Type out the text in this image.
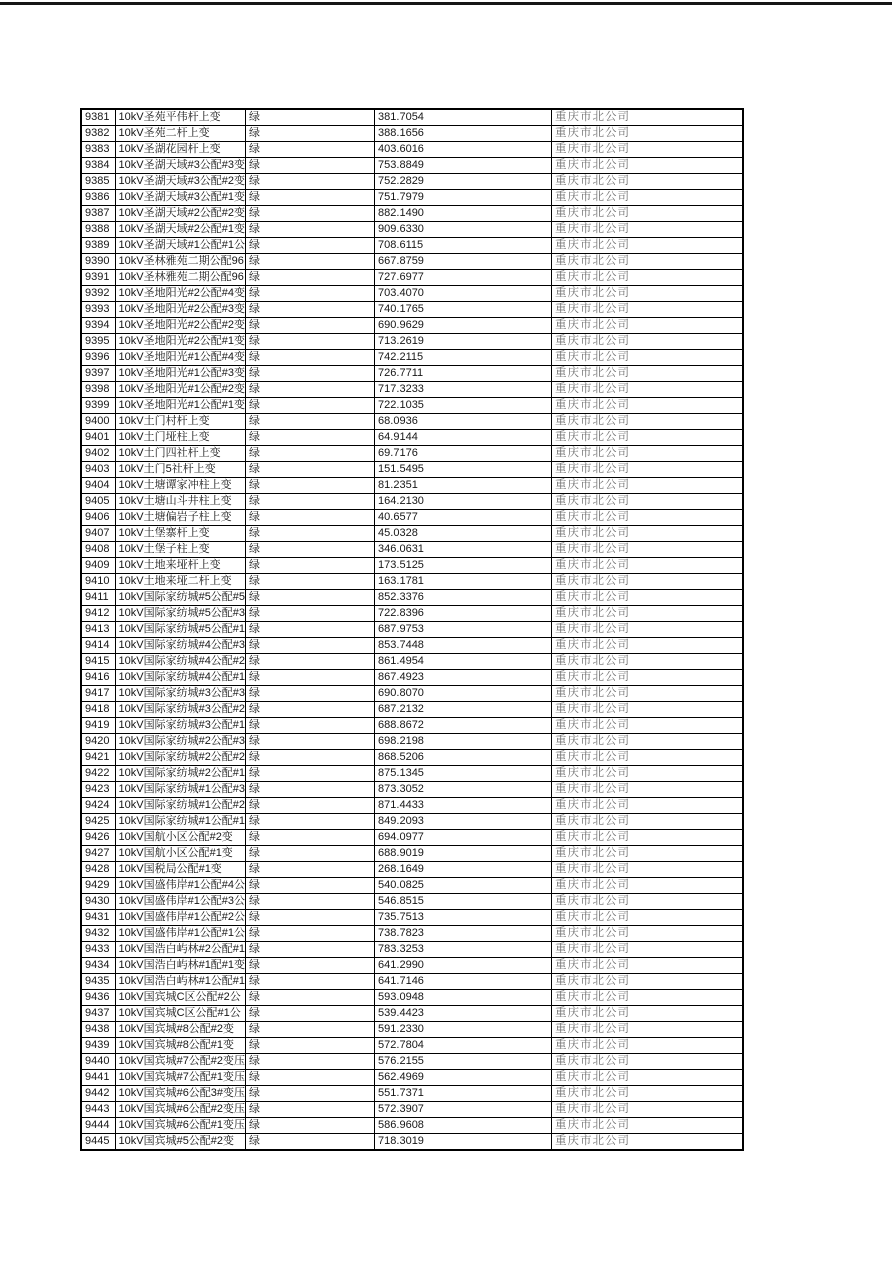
9381	10kV圣苑平伟杆上变	绿	381.7054	重庆市北公司
9382	10kV圣苑二杆上变	绿	388.1656	重庆市北公司
9383	10kV圣湖花园杆上变	绿	403.6016	重庆市北公司
9384	10kV圣湖天域#3公配#3变	绿	753.8849	重庆市北公司
9385	10kV圣湖天域#3公配#2变	绿	752.2829	重庆市北公司
9386	10kV圣湖天域#3公配#1变	绿	751.7979	重庆市北公司
9387	10kV圣湖天域#2公配#2变	绿	882.1490	重庆市北公司
9388	10kV圣湖天域#2公配#1变	绿	909.6330	重庆市北公司
9389	10kV圣湖天域#1公配#1公	绿	708.6115	重庆市北公司
9390	10kV圣林雅苑二期公配96	绿	667.8759	重庆市北公司
9391	10kV圣林雅苑二期公配96	绿	727.6977	重庆市北公司
9392	10kV圣地阳光#2公配#4变	绿	703.4070	重庆市北公司
9393	10kV圣地阳光#2公配#3变	绿	740.1765	重庆市北公司
9394	10kV圣地阳光#2公配#2变	绿	690.9629	重庆市北公司
9395	10kV圣地阳光#2公配#1变	绿	713.2619	重庆市北公司
9396	10kV圣地阳光#1公配#4变	绿	742.2115	重庆市北公司
9397	10kV圣地阳光#1公配#3变	绿	726.7711	重庆市北公司
9398	10kV圣地阳光#1公配#2变	绿	717.3233	重庆市北公司
9399	10kV圣地阳光#1公配#1变	绿	722.1035	重庆市北公司
9400	10kV土门村杆上变	绿	68.0936	重庆市北公司
9401	10kV土门垭柱上变	绿	64.9144	重庆市北公司
9402	10kV土门四社杆上变	绿	69.7176	重庆市北公司
9403	10kV土门5社杆上变	绿	151.5495	重庆市北公司
9404	10kV土塘谭家冲柱上变	绿	81.2351	重庆市北公司
9405	10kV土塘山斗井柱上变	绿	164.2130	重庆市北公司
9406	10kV土塘偏岩子柱上变	绿	40.6577	重庆市北公司
9407	10kV土堡寨杆上变	绿	45.0328	重庆市北公司
9408	10kV土堡子柱上变	绿	346.0631	重庆市北公司
9409	10kV土地来垭杆上变	绿	173.5125	重庆市北公司
9410	10kV土地来垭二杆上变	绿	163.1781	重庆市北公司
9411	10kV国际家纺城#5公配#5	绿	852.3376	重庆市北公司
9412	10kV国际家纺城#5公配#3	绿	722.8396	重庆市北公司
9413	10kV国际家纺城#5公配#1	绿	687.9753	重庆市北公司
9414	10kV国际家纺城#4公配#3	绿	853.7448	重庆市北公司
9415	10kV国际家纺城#4公配#2	绿	861.4954	重庆市北公司
9416	10kV国际家纺城#4公配#1	绿	867.4923	重庆市北公司
9417	10kV国际家纺城#3公配#3	绿	690.8070	重庆市北公司
9418	10kV国际家纺城#3公配#2	绿	687.2132	重庆市北公司
9419	10kV国际家纺城#3公配#1	绿	688.8672	重庆市北公司
9420	10kV国际家纺城#2公配#3	绿	698.2198	重庆市北公司
9421	10kV国际家纺城#2公配#2	绿	868.5206	重庆市北公司
9422	10kV国际家纺城#2公配#1	绿	875.1345	重庆市北公司
9423	10kV国际家纺城#1公配#3	绿	873.3052	重庆市北公司
9424	10kV国际家纺城#1公配#2	绿	871.4433	重庆市北公司
9425	10kV国际家纺城#1公配#1	绿	849.2093	重庆市北公司
9426	10kV国航小区公配#2变	绿	694.0977	重庆市北公司
9427	10kV国航小区公配#1变	绿	688.9019	重庆市北公司
9428	10kV国税局公配#1变	绿	268.1649	重庆市北公司
9429	10kV国盛伟岸#1公配#4公	绿	540.0825	重庆市北公司
9430	10kV国盛伟岸#1公配#3公	绿	546.8515	重庆市北公司
9431	10kV国盛伟岸#1公配#2公	绿	735.7513	重庆市北公司
9432	10kV国盛伟岸#1公配#1公	绿	738.7823	重庆市北公司
9433	10kV国浩白屿林#2公配#1	绿	783.3253	重庆市北公司
9434	10kV国浩白屿林#1配#1变	绿	641.2990	重庆市北公司
9435	10kV国浩白屿林#1公配#1	绿	641.7146	重庆市北公司
9436	10kV国宾城C区公配#2公	绿	593.0948	重庆市北公司
9437	10kV国宾城C区公配#1公	绿	539.4423	重庆市北公司
9438	10kV国宾城#8公配#2变	绿	591.2330	重庆市北公司
9439	10kV国宾城#8公配#1变	绿	572.7804	重庆市北公司
9440	10kV国宾城#7公配#2变压	绿	576.2155	重庆市北公司
9441	10kV国宾城#7公配#1变压	绿	562.4969	重庆市北公司
9442	10kV国宾城#6公配3#变压	绿	551.7371	重庆市北公司
9443	10kV国宾城#6公配#2变压	绿	572.3907	重庆市北公司
9444	10kV国宾城#6公配#1变压	绿	586.9608	重庆市北公司
9445	10kV国宾城#5公配#2变	绿	718.3019	重庆市北公司
